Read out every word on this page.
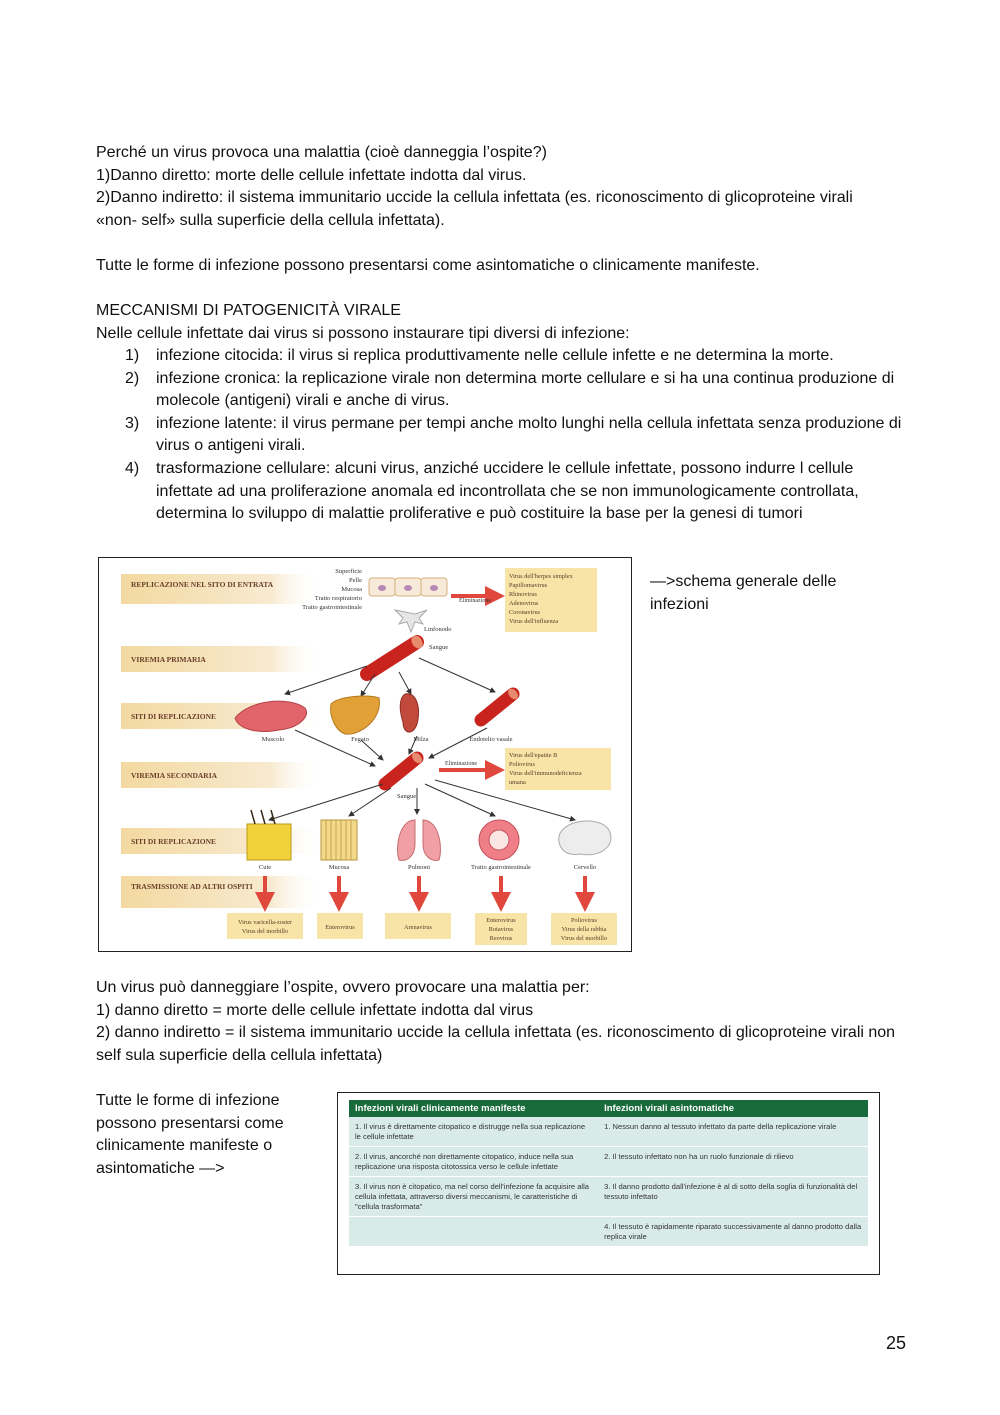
Perché un virus provoca una malattia (cioè danneggia l’ospite?)

1)Danno diretto: morte delle cellule infettate indotta dal virus.

2)Danno indiretto: il sistema immunitario uccide la cellula infettata (es. riconoscimento di glicoproteine virali «non- self» sulla superficie della cellula infettata).

Tutte le forme di infezione possono presentarsi come asintomatiche o clinicamente manifeste.
MECCANISMI DI PATOGENICITÀ VIRALE
Nelle cellule infettate dai virus si possono instaurare tipi diversi di infezione:
1)	infezione citocida: il virus si replica produttivamente nelle cellule infette e ne determina la morte.
2)	infezione cronica: la replicazione virale non determina morte cellulare e si ha una continua produzione di molecole (antigeni) virali e anche di virus.
3)	infezione latente: il virus permane per tempi anche molto lunghi nella cellula infettata senza produzione di virus o antigeni virali.
4)	trasformazione cellulare: alcuni virus, anziché uccidere le cellule infettate, possono indurre l cellule infettate ad una proliferazione anomala ed incontrollata che se non immunologicamente controllata, determina lo sviluppo di malattie proliferative e può costituire la base per la genesi di tumori
REPLICAZIONE NEL SITO DI ENTRATA
VIREMIA PRIMARIA
SITI DI REPLICAZIONE
VIREMIA SECONDARIA
SITI DI REPLICAZIONE
TRASMISSIONE AD ALTRI OSPITI
Superficie
Pelle
Mucosa
Tratto respiratorio
Tratto gastrointestinale
Eliminazione
Virus dell'herpes simplex
Papillomavirus
Rhinovirus
Adenovirus
Coronavirus
Virus dell'influenza
Linfonodo
Sangue
Muscolo	Fegato	Milza	Endotelio vasale
Sangue
Eliminazione
Virus dell'epatite B
Poliovirus
Virus dell'immunodeficienza
umana
Cute	Mucosa	Polmoni	Tratto gastrointestinale	Cervello
Virus varicella-zoster
Virus del morbillo
Enterovirus	Arenavirus
Enterovirus
Rotavirus
Reovirus
Poliovirus
Virus della rabbia
Virus del morbillo
—>schema generale delle infezioni

Un virus può danneggiare l’ospite, ovvero provocare una malattia per:

1) danno diretto = morte delle cellule infettate indotta dal virus

2) danno indiretto = il sistema immunitario uccide la cellula infettata (es. riconoscimento di glicoproteine virali non self sula superficie della cellula infettata)

Tutte le forme di infezione possono presentarsi come clinicamente manifeste o asintomatiche —>
Infezioni virali clinicamente manifeste	Infezioni virali asintomatiche
1. Il virus è direttamente citopatico e distrugge nella sua replicazione le cellule infettate	1. Nessun danno al tessuto infettato da parte della replicazione virale
2. Il virus, ancorché non direttamente citopatico, induce nella sua replicazione una risposta citotossica verso le cellule infettate	2. Il tessuto infettato non ha un ruolo funzionale di rilievo
3. Il virus non è citopatico, ma nel corso dell'infezione fa acquisire alla cellula infettata, attraverso diversi meccanismi, le caratteristiche di "cellula trasformata"	3. Il danno prodotto dall'infezione è al di sotto della soglia di funzionalità del tessuto infettato
	4. Il tessuto è rapidamente riparato successivamente al danno prodotto dalla replica virale
25
